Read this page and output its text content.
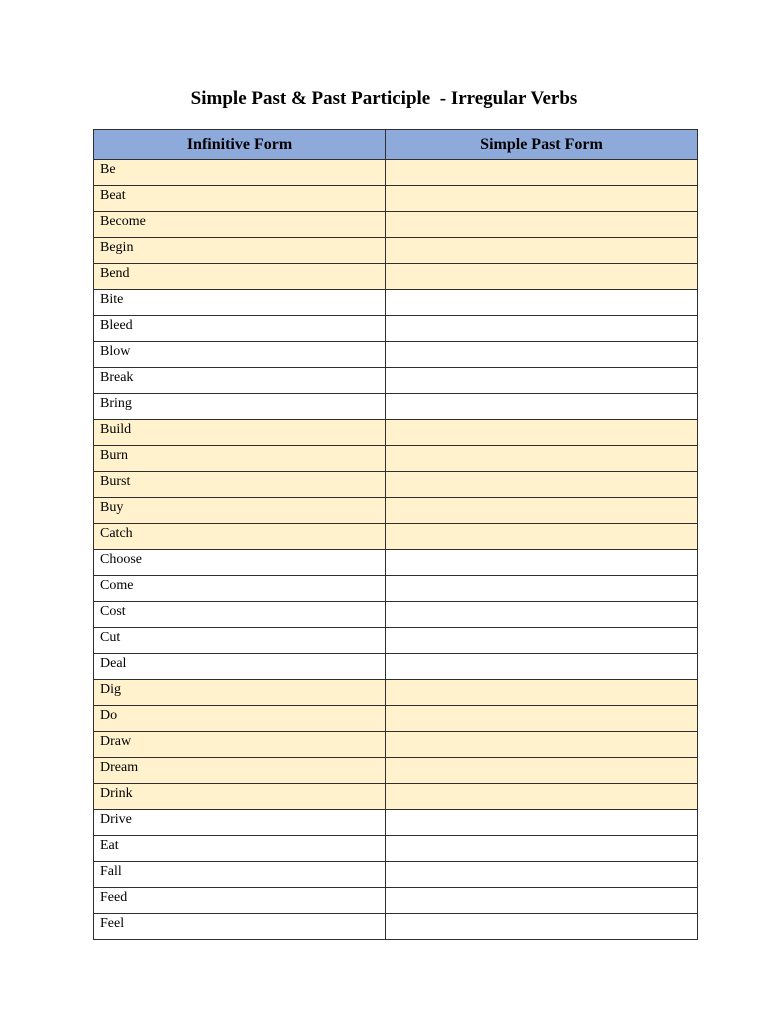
Simple Past & Past Participle  - Irregular Verbs
Infinitive Form	Simple Past Form
Be	
Beat	
Become	
Begin	
Bend	
Bite	
Bleed	
Blow	
Break	
Bring	
Build	
Burn	
Burst	
Buy	
Catch	
Choose	
Come	
Cost	
Cut	
Deal	
Dig	
Do	
Draw	
Dream	
Drink	
Drive	
Eat	
Fall	
Feed	
Feel	
